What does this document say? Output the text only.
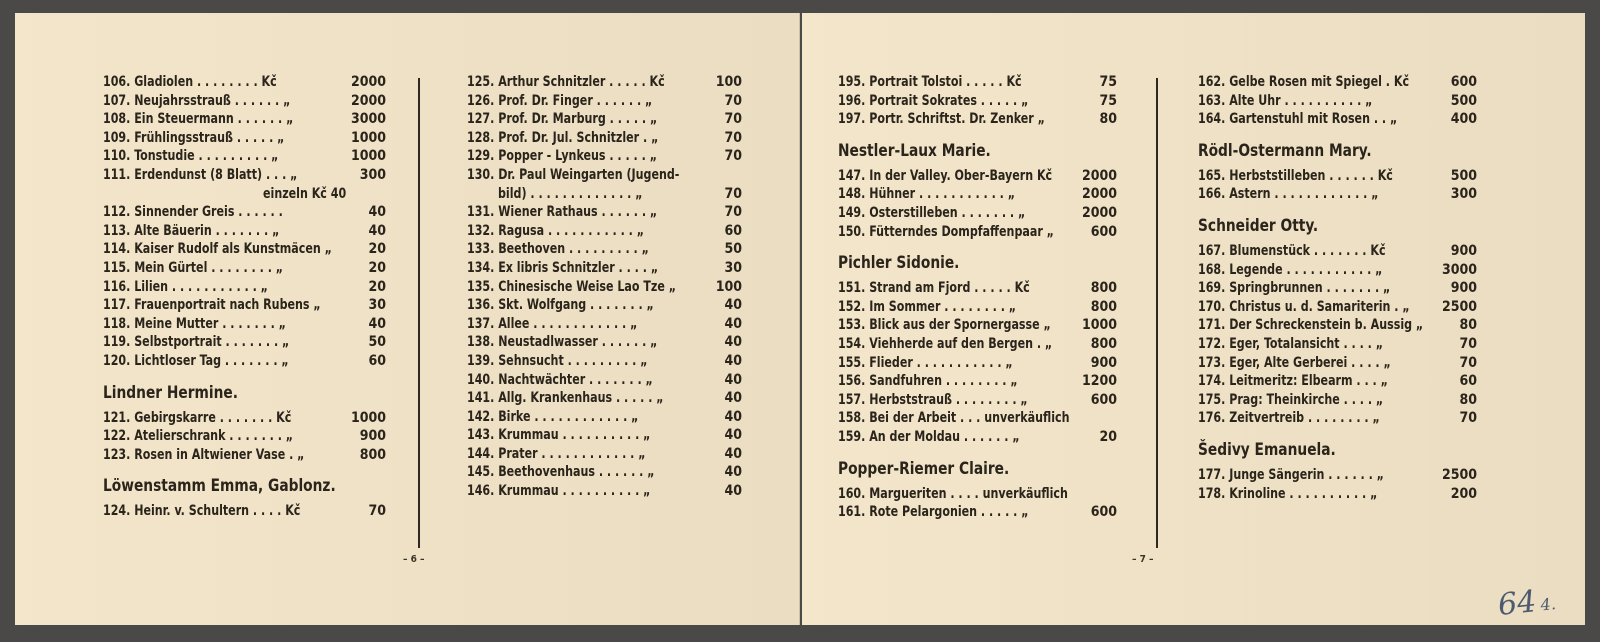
106. Gladiolen . . . . . . . . Kč	2000
107. Neujahrsstrauß . . . . . . „	2000
108. Ein Steuermann . . . . . . „	3000
109. Frühlingsstrauß . . . . . „	1000
110. Tonstudie . . . . . . . . . „	1000
111. Erdendunst (8 Blatt) . . . „	300
einzeln Kč 40
112. Sinnender Greis . . . . . .	40
113. Alte Bäuerin . . . . . . . „	40
114. Kaiser Rudolf als Kunstmäcen „	20
115. Mein Gürtel . . . . . . . . „	20
116. Lilien . . . . . . . . . . . „	20
117. Frauenportrait nach Rubens „	30
118. Meine Mutter . . . . . . . „	40
119. Selbstportrait . . . . . . . „	50
120. Lichtloser Tag . . . . . . . „	60
Lindner Hermine.
121. Gebirgskarre . . . . . . . Kč	1000
122. Atelierschrank . . . . . . . „	900
123. Rosen in Altwiener Vase . „	800
Löwenstamm Emma, Gablonz.
124. Heinr. v. Schultern . . . . Kč	70
125. Arthur Schnitzler . . . . . Kč	100
126. Prof. Dr. Finger . . . . . . „	70
127. Prof. Dr. Marburg . . . . . „	70
128. Prof. Dr. Jul. Schnitzler . „	70
129. Popper - Lynkeus . . . . . „	70
130. Dr. Paul Weingarten (Jugend-
bild) . . . . . . . . . . . . . „	70
131. Wiener Rathaus . . . . . . „	70
132. Ragusa . . . . . . . . . . . „	60
133. Beethoven . . . . . . . . . „	50
134. Ex libris Schnitzler . . . . „	30
135. Chinesische Weise Lao Tze „	100
136. Skt. Wolfgang . . . . . . . „	40
137. Allee . . . . . . . . . . . . „	40
138. Neustadlwasser . . . . . . „	40
139. Sehnsucht . . . . . . . . . „	40
140. Nachtwächter . . . . . . . „	40
141. Allg. Krankenhaus . . . . . „	40
142. Birke . . . . . . . . . . . . „	40
143. Krummau . . . . . . . . . . „	40
144. Prater . . . . . . . . . . . . „	40
145. Beethovenhaus . . . . . . „	40
146. Krummau . . . . . . . . . . „	40
– 6 –
195. Portrait Tolstoi . . . . . Kč	75
196. Portrait Sokrates . . . . . „	75
197. Portr. Schriftst. Dr. Zenker „	80
Nestler-Laux Marie.
147. In der Valley. Ober-Bayern Kč 2000
148. Hühner . . . . . . . . . . . „	2000
149. Osterstilleben . . . . . . . „	2000
150. Fütterndes Dompfaffenpaar „	600
Pichler Sidonie.
151. Strand am Fjord . . . . . Kč	800
152. Im Sommer . . . . . . . . „	800
153. Blick aus der Spornergasse „ 1000
154. Viehherde auf den Bergen . „	800
155. Flieder . . . . . . . . . . . „	900
156. Sandfuhren . . . . . . . . „	1200
157. Herbststrauß . . . . . . . . „	600
158. Bei der Arbeit . . . unverkäuflich
159. An der Moldau . . . . . . „	20
Popper-Riemer Claire.
160. Margueriten . . . . unverkäuflich
161. Rote Pelargonien . . . . . „	600
162. Gelbe Rosen mit Spiegel . Kč	600
163. Alte Uhr . . . . . . . . . . „	500
164. Gartenstuhl mit Rosen . . „	400
Rödl-Ostermann Mary.
165. Herbststilleben . . . . . . Kč	500
166. Astern . . . . . . . . . . . . „	300
Schneider Otty.
167. Blumenstück . . . . . . . Kč	900
168. Legende . . . . . . . . . . . „	3000
169. Springbrunnen . . . . . . . „	900
170. Christus u. d. Samariterin . „ 2500
171. Der Schreckenstein b. Aussig „	80
172. Eger, Totalansicht . . . . „	70
173. Eger, Alte Gerberei . . . . „	70
174. Leitmeritz: Elbearm . . . „	60
175. Prag: Theinkirche . . . . „	80
176. Zeitvertreib . . . . . . . . „	70
Šedivy Emanuela.
177. Junge Sängerin . . . . . . „	2500
178. Krinoline . . . . . . . . . . „	200
– 7 –
644.
